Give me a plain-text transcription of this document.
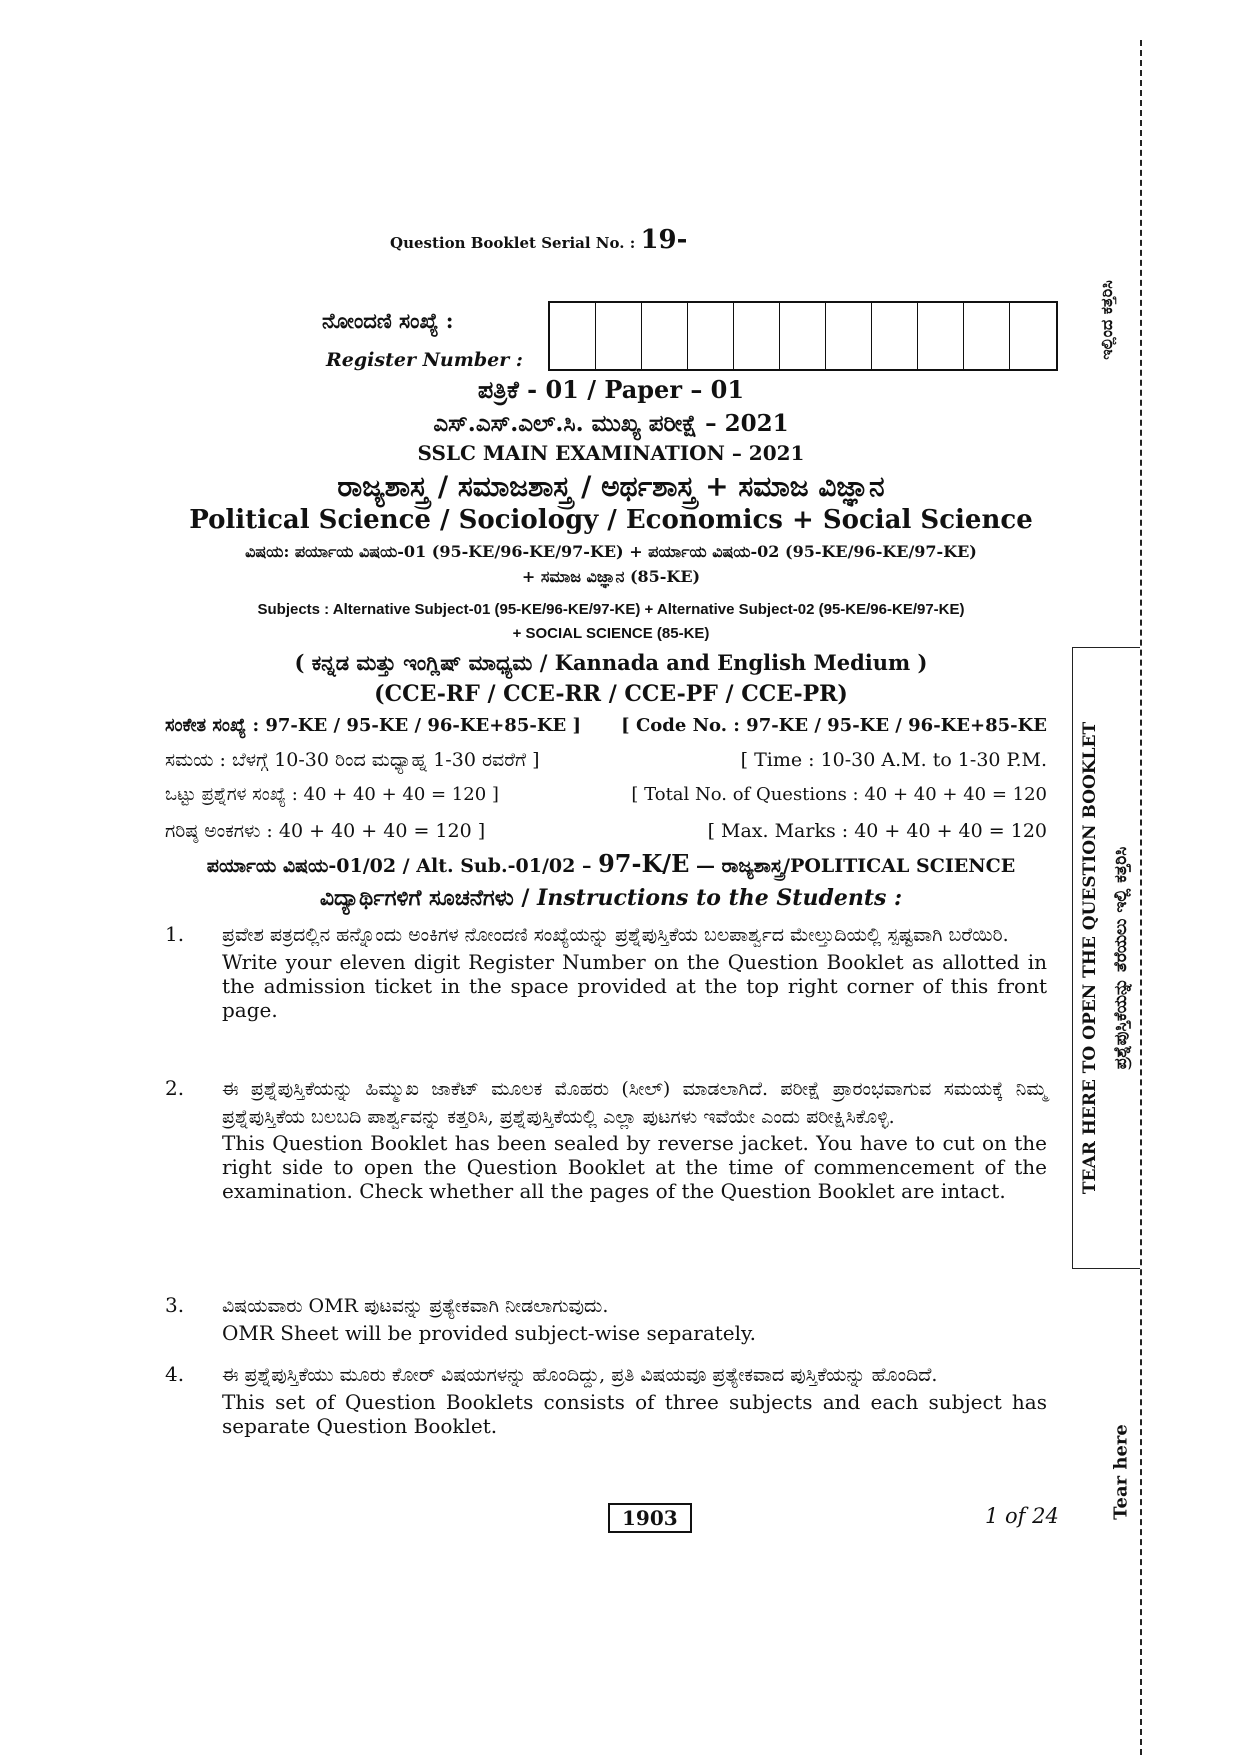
Question Booklet Serial No. : 19-
ನೋಂದಣಿ ಸಂಖ್ಯೆ :
Register Number :
ಪತ್ರಿಕೆ - 01 / Paper – 01
ಎಸ್.ಎಸ್.ಎಲ್.ಸಿ. ಮುಖ್ಯ ಪರೀಕ್ಷೆ – 2021
SSLC MAIN EXAMINATION – 2021
ರಾಜ್ಯಶಾಸ್ತ್ರ / ಸಮಾಜಶಾಸ್ತ್ರ / ಅರ್ಥಶಾಸ್ತ್ರ + ಸಮಾಜ ವಿಜ್ಞಾನ
Political Science / Sociology / Economics + Social Science
ವಿಷಯ: ಪರ್ಯಾಯ ವಿಷಯ-01 (95-KE/96-KE/97-KE) + ಪರ್ಯಾಯ ವಿಷಯ-02 (95-KE/96-KE/97-KE)
+ ಸಮಾಜ ವಿಜ್ಞಾನ (85-KE)
Subjects : Alternative Subject-01 (95-KE/96-KE/97-KE) + Alternative Subject-02 (95-KE/96-KE/97-KE)
+ SOCIAL SCIENCE (85-KE)
( ಕನ್ನಡ ಮತ್ತು ಇಂಗ್ಲಿಷ್ ಮಾಧ್ಯಮ / Kannada and English Medium )
(CCE-RF / CCE-RR / CCE-PF / CCE-PR)
ಸಂಕೇತ ಸಂಖ್ಯೆ : 97-KE / 95-KE / 96-KE+85-KE ] [ Code No. : 97-KE / 95-KE / 96-KE+85-KE
ಸಮಯ : ಬೆಳಗ್ಗೆ 10-30 ರಿಂದ ಮಧ್ಯಾಹ್ನ 1-30 ರವರೆಗೆ ]	[ Time : 10-30 A.M. to 1-30 P.M.
ಒಟ್ಟು ಪ್ರಶ್ನೆಗಳ ಸಂಖ್ಯೆ : 40 + 40 + 40 = 120 ]	[ Total No. of Questions : 40 + 40 + 40 = 120
ಗರಿಷ್ಠ ಅಂಕಗಳು : 40 + 40 + 40 = 120 ]	[ Max. Marks : 40 + 40 + 40 = 120
ಪರ್ಯಾಯ ವಿಷಯ-01/02 / Alt. Sub.-01/02 – 97-K/E — ರಾಜ್ಯಶಾಸ್ತ್ರ/POLITICAL SCIENCE
ವಿದ್ಯಾರ್ಥಿಗಳಿಗೆ ಸೂಚನೆಗಳು / Instructions to the Students :
1. ಪ್ರವೇಶ ಪತ್ರದಲ್ಲಿನ ಹನ್ನೊಂದು ಅಂಕಿಗಳ ನೋಂದಣಿ ಸಂಖ್ಯೆಯನ್ನು ಪ್ರಶ್ನೆಪುಸ್ತಿಕೆಯ ಬಲಪಾರ್ಶ್ವದ ಮೇಲ್ತುದಿಯಲ್ಲಿ ಸ್ಪಷ್ಟವಾಗಿ ಬರೆಯಿರಿ.
Write your eleven digit Register Number on the Question Booklet as allotted in the admission ticket in the space provided at the top right corner of this front page.
2. ಈ ಪ್ರಶ್ನೆಪುಸ್ತಿಕೆಯನ್ನು ಹಿಮ್ಮುಖ ಜಾಕೆಟ್ ಮೂಲಕ ಮೊಹರು (ಸೀಲ್) ಮಾಡಲಾಗಿದೆ. ಪರೀಕ್ಷೆ ಪ್ರಾರಂಭವಾಗುವ ಸಮಯಕ್ಕೆ ನಿಮ್ಮ ಪ್ರಶ್ನೆಪುಸ್ತಿಕೆಯ ಬಲಬದಿ ಪಾರ್ಶ್ವವನ್ನು ಕತ್ತರಿಸಿ, ಪ್ರಶ್ನೆಪುಸ್ತಿಕೆಯಲ್ಲಿ ಎಲ್ಲಾ ಪುಟಗಳು ಇವೆಯೇ ಎಂದು ಪರೀಕ್ಷಿಸಿಕೊಳ್ಳಿ.
This Question Booklet has been sealed by reverse jacket. You have to cut on the right side to open the Question Booklet at the time of commencement of the examination. Check whether all the pages of the Question Booklet are intact.
3. ವಿಷಯವಾರು OMR ಪುಟವನ್ನು ಪ್ರತ್ಯೇಕವಾಗಿ ನೀಡಲಾಗುವುದು.
OMR Sheet will be provided subject-wise separately.
4. ಈ ಪ್ರಶ್ನೆಪುಸ್ತಿಕೆಯು ಮೂರು ಕೋರ್ ವಿಷಯಗಳನ್ನು ಹೊಂದಿದ್ದು, ಪ್ರತಿ ವಿಷಯವೂ ಪ್ರತ್ಯೇಕವಾದ ಪುಸ್ತಿಕೆಯನ್ನು ಹೊಂದಿದೆ.
This set of Question Booklets consists of three subjects and each subject has separate Question Booklet.
1903	1 of 24
TEAR HERE TO OPEN THE QUESTION BOOKLET ಪ್ರಶ್ನೆಪುಸ್ತಿಕೆಯನ್ನು ತೆರೆಯಲು ಇಲ್ಲಿ ಕತ್ತರಿಸಿ
ಇಲ್ಲಿಂದ ಕತ್ತರಿಸಿ
Tear here
